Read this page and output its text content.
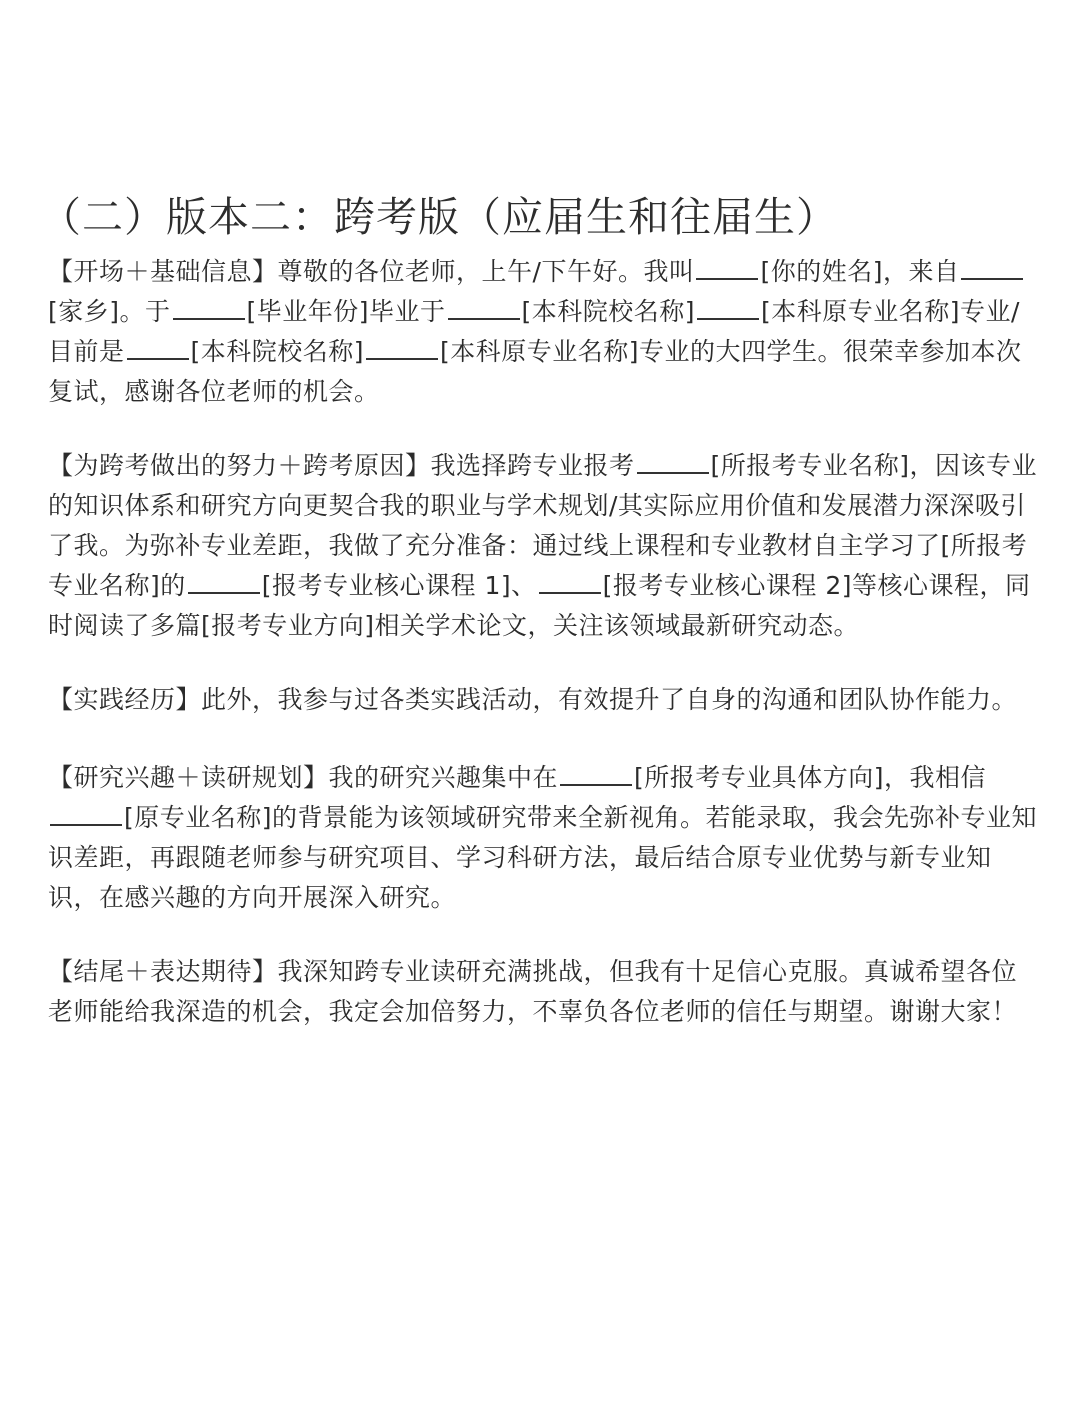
（二）版本二：跨考版（应届生和往届生）

【开场＋基础信息】尊敬的各位老师，上午/下午好。我叫	[你的姓名]，来自[家乡]。于	[毕业年份]毕业于	[本科院校名称]	[本科原专业名称]专业/目前是	[本科院校名称]	[本科原专业名称]专业的大四学生。很荣幸参加本次复试，感谢各位老师的机会。

【为跨考做出的努力＋跨考原因】我选择跨专业报考	[所报考专业名称]，因该专业的知识体系和研究方向更契合我的职业与学术规划/其实际应用价值和发展潜力深深吸引了我。为弥补专业差距，我做了充分准备：通过线上课程和专业教材自主学习了[所报考专业名称]的	[报考专业核心课程 1]、	[报考专业核心课程 2]等核心课程，同时阅读了多篇[报考专业方向]相关学术论文，关注该领域最新研究动态。

【实践经历】此外，我参与过各类实践活动，有效提升了自身的沟通和团队协作能力。

【研究兴趣＋读研规划】我的研究兴趣集中在	[所报考专业具体方向]，我相信[原专业名称]的背景能为该领域研究带来全新视角。若能录取，我会先弥补专业知识差距，再跟随老师参与研究项目、学习科研方法，最后结合原专业优势与新专业知识，在感兴趣的方向开展深入研究。

【结尾＋表达期待】我深知跨专业读研充满挑战，但我有十足信心克服。真诚希望各位老师能给我深造的机会，我定会加倍努力，不辜负各位老师的信任与期望。谢谢大家！
